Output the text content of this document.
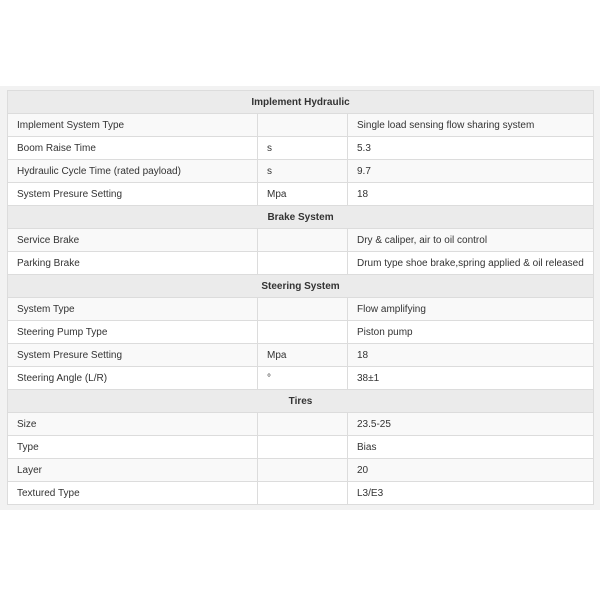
Implement Hydraulic		
Implement System Type		Single load sensing flow sharing system
Boom Raise Time	s	5.3
Hydraulic Cycle Time (rated payload)	s	9.7
System Presure Setting	Mpa	18
Brake System		
Service Brake		Dry & caliper, air to oil control
Parking Brake		Drum type shoe brake,spring applied & oil released
Steering System		
System Type		Flow amplifying
Steering Pump Type		Piston pump
System Presure Setting	Mpa	18
Steering Angle (L/R)	°	38±1
Tires		
Size		23.5-25
Type		Bias
Layer		20
Textured Type		L3/E3
